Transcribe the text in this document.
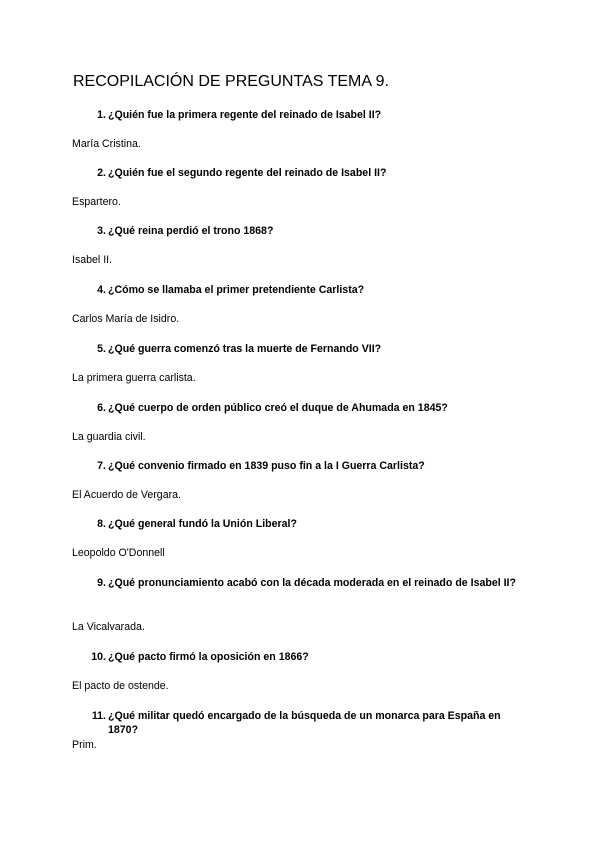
RECOPILACIÓN DE PREGUNTAS TEMA 9.
1. ¿Quién fue la primera regente del reinado de Isabel II?
María Cristina.
2. ¿Quién fue el segundo regente del reinado de Isabel II?
Espartero.
3. ¿Qué reina perdió el trono 1868?
Isabel II.
4. ¿Cómo se llamaba el primer pretendiente Carlista?
Carlos María de Isidro.
5. ¿Qué guerra comenzó tras la muerte de Fernando VII?
La primera guerra carlista.
6. ¿Qué cuerpo de orden público creó el duque de Ahumada en 1845?
La guardia civil.
7. ¿Qué convenio firmado en 1839 puso fin a la I Guerra Carlista?
El Acuerdo de Vergara.
8. ¿Qué general fundó la Unión Liberal?
Leopoldo O'Donnell
9. ¿Qué pronunciamiento acabó con la década moderada en el reinado de Isabel II?
La Vicalvarada.
10. ¿Qué pacto firmó la oposición en 1866?
El pacto de ostende.
11. ¿Qué militar quedó encargado de la búsqueda de un monarca para España en 1870?
Prim.
